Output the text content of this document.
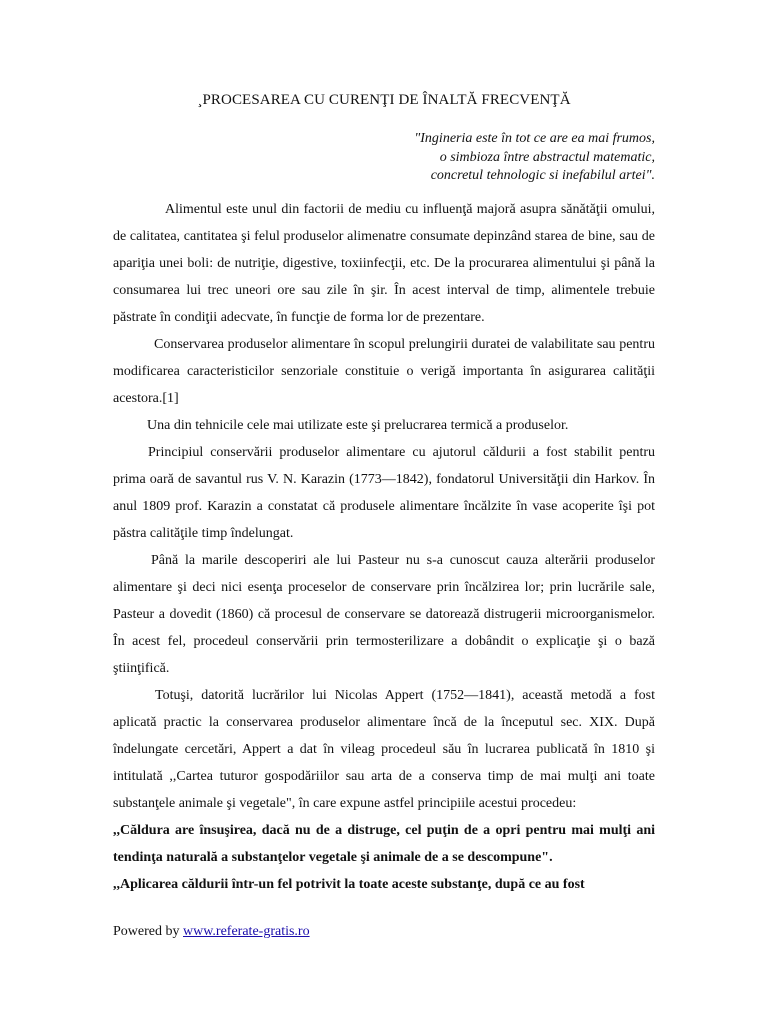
¸PROCESAREA CU CURENŢI DE ÎNALTĂ FRECVENŢĂ
"Ingineria este în tot ce are ea mai frumos,
o simbioza între abstractul matematic,
concretul tehnologic si inefabilul artei".

Alimentul este unul din factorii de mediu cu influenţă majoră asupra sănătăţii omului, de calitatea, cantitatea şi felul produselor alimenatre consumate depinzând starea de bine, sau de apariţia unei boli: de nutriţie, digestive, toxiinfecţii, etc. De la procurarea alimentului şi până la consumarea lui trec uneori ore sau zile în şir. În acest interval de timp, alimentele trebuie păstrate în condiţii adecvate, în funcţie de forma lor de prezentare.

Conservarea produselor alimentare în scopul prelungirii duratei de valabilitate sau pentru modificarea caracteristicilor senzoriale constituie o verigă importanta în asigurarea calităţii acestora.[1]

Una din tehnicile cele mai utilizate este şi prelucrarea termică a produselor.

Principiul conservării produselor alimentare cu ajutorul căldurii a fost stabilit pentru prima oară de savantul rus V. N. Karazin (1773—1842), fondatorul Universităţii din Harkov. În anul 1809 prof. Karazin a constatat că produsele alimentare încălzite în vase acoperite îşi pot păstra calităţile timp îndelungat.

Până la marile descoperiri ale lui Pasteur nu s-a cunoscut cauza alterării produselor alimentare şi deci nici esenţa proceselor de conservare prin încălzirea lor; prin lucrările sale, Pasteur a dovedit (1860) că procesul de conservare se datorează distrugerii microorganismelor. În acest fel, procedeul conservării prin termosterilizare a dobândit o explicaţie şi o bază ştiinţifică.

Totuşi, datorită lucrărilor lui Nicolas Appert (1752—1841), această metodă a fost aplicată practic la conservarea produselor alimentare încă de la începutul sec. XIX. După îndelungate cercetări, Appert a dat în vileag procedeul său în lucrarea publicată în 1810 şi intitulată ,,Cartea tuturor gospodăriilor sau arta de a conserva timp de mai mulţi ani toate substanţele animale şi vegetale", în care expune astfel principiile acestui procedeu:

,,Căldura are însuşirea, dacă nu de a distruge, cel puţin de a opri pentru mai mulţi ani tendinţa naturală a substanţelor vegetale şi animale de a se descompune".

,,Aplicarea căldurii într-un fel potrivit la toate aceste substanţe, după ce au fost

Powered by www.referate-gratis.ro
